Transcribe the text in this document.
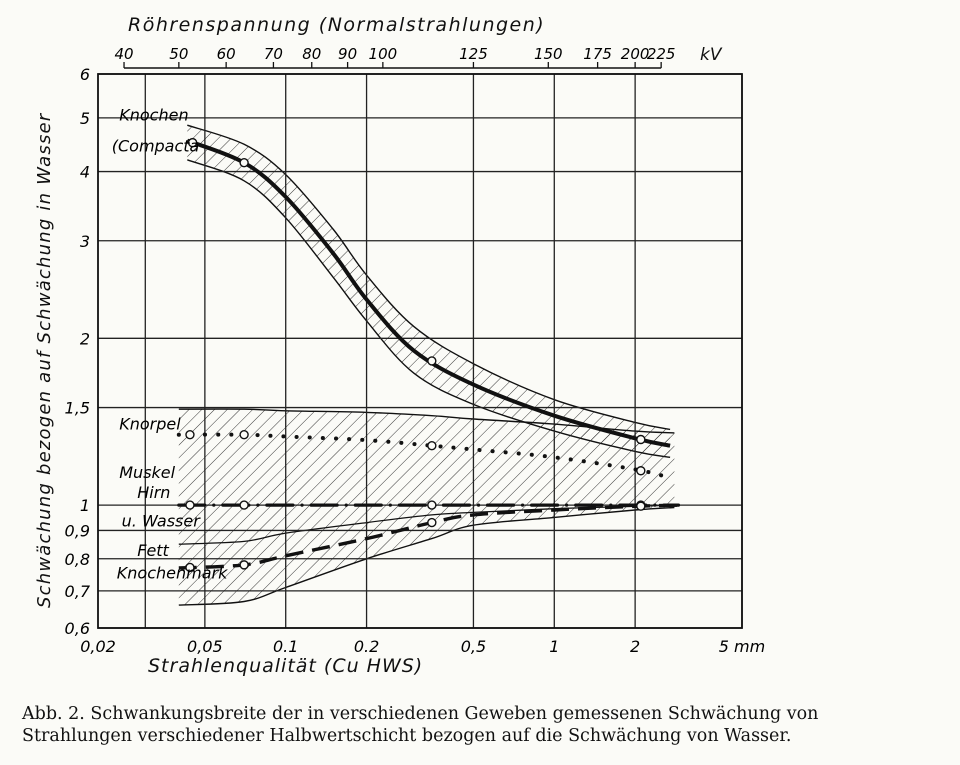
0,02	0,05	0.1	0.2	0,5	1	2	5 mm
6
5
4
3
2
1,5
1
0,9
0,8
0,7
0,6
40 50 60 70 80 90 100	125	150 175 200
225
Knochen
(Compacta
Knorpel
Muskel
Hirn
u. Wasser
Fett
Knochenmark
Röhrenspannung (Normalstrahlungen)
kV
Strahlenqualität (Cu HWS)
Schwächung bezogen auf Schwächung in Wasser
Abb. 2. Schwankungsbreite der in verschiedenen Geweben gemessenen Schwächung von
Strahlungen verschiedener Halbwertschicht bezogen auf die Schwächung von Wasser.
